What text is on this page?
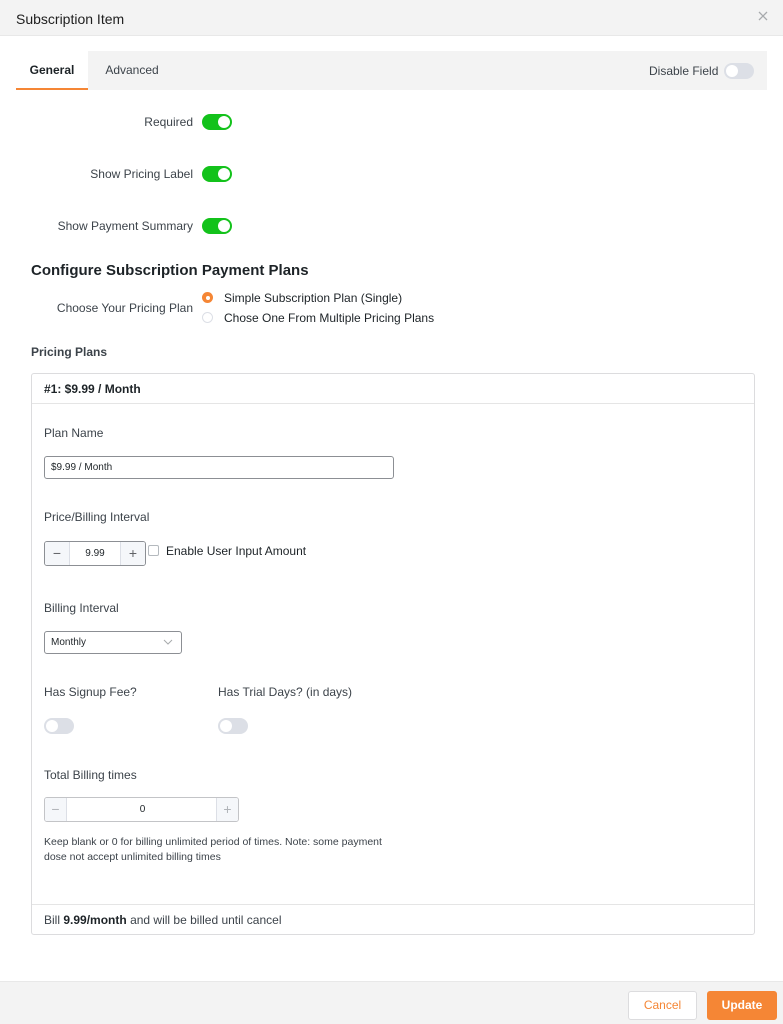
Subscription Item
General	Advanced	Disable Field
Required
Show Pricing Label
Show Payment Summary
Configure Subscription Payment Plans
Choose Your Pricing Plan
Simple Subscription Plan (Single)
Chose One From Multiple Pricing Plans
Pricing Plans
#1: $9.99 / Month
Plan Name
$9.99 / Month
Price/Billing Interval
−
9.99	+	Enable User Input Amount
Billing Interval
Monthly
Has Signup Fee?	Has Trial Days? (in days)
Total Billing times
−
0	+
Keep blank or 0 for billing unlimited period of times. Note: some payment dose not accept unlimited billing times
Bill 9.99/month and will be billed until cancel
Cancel	Update
